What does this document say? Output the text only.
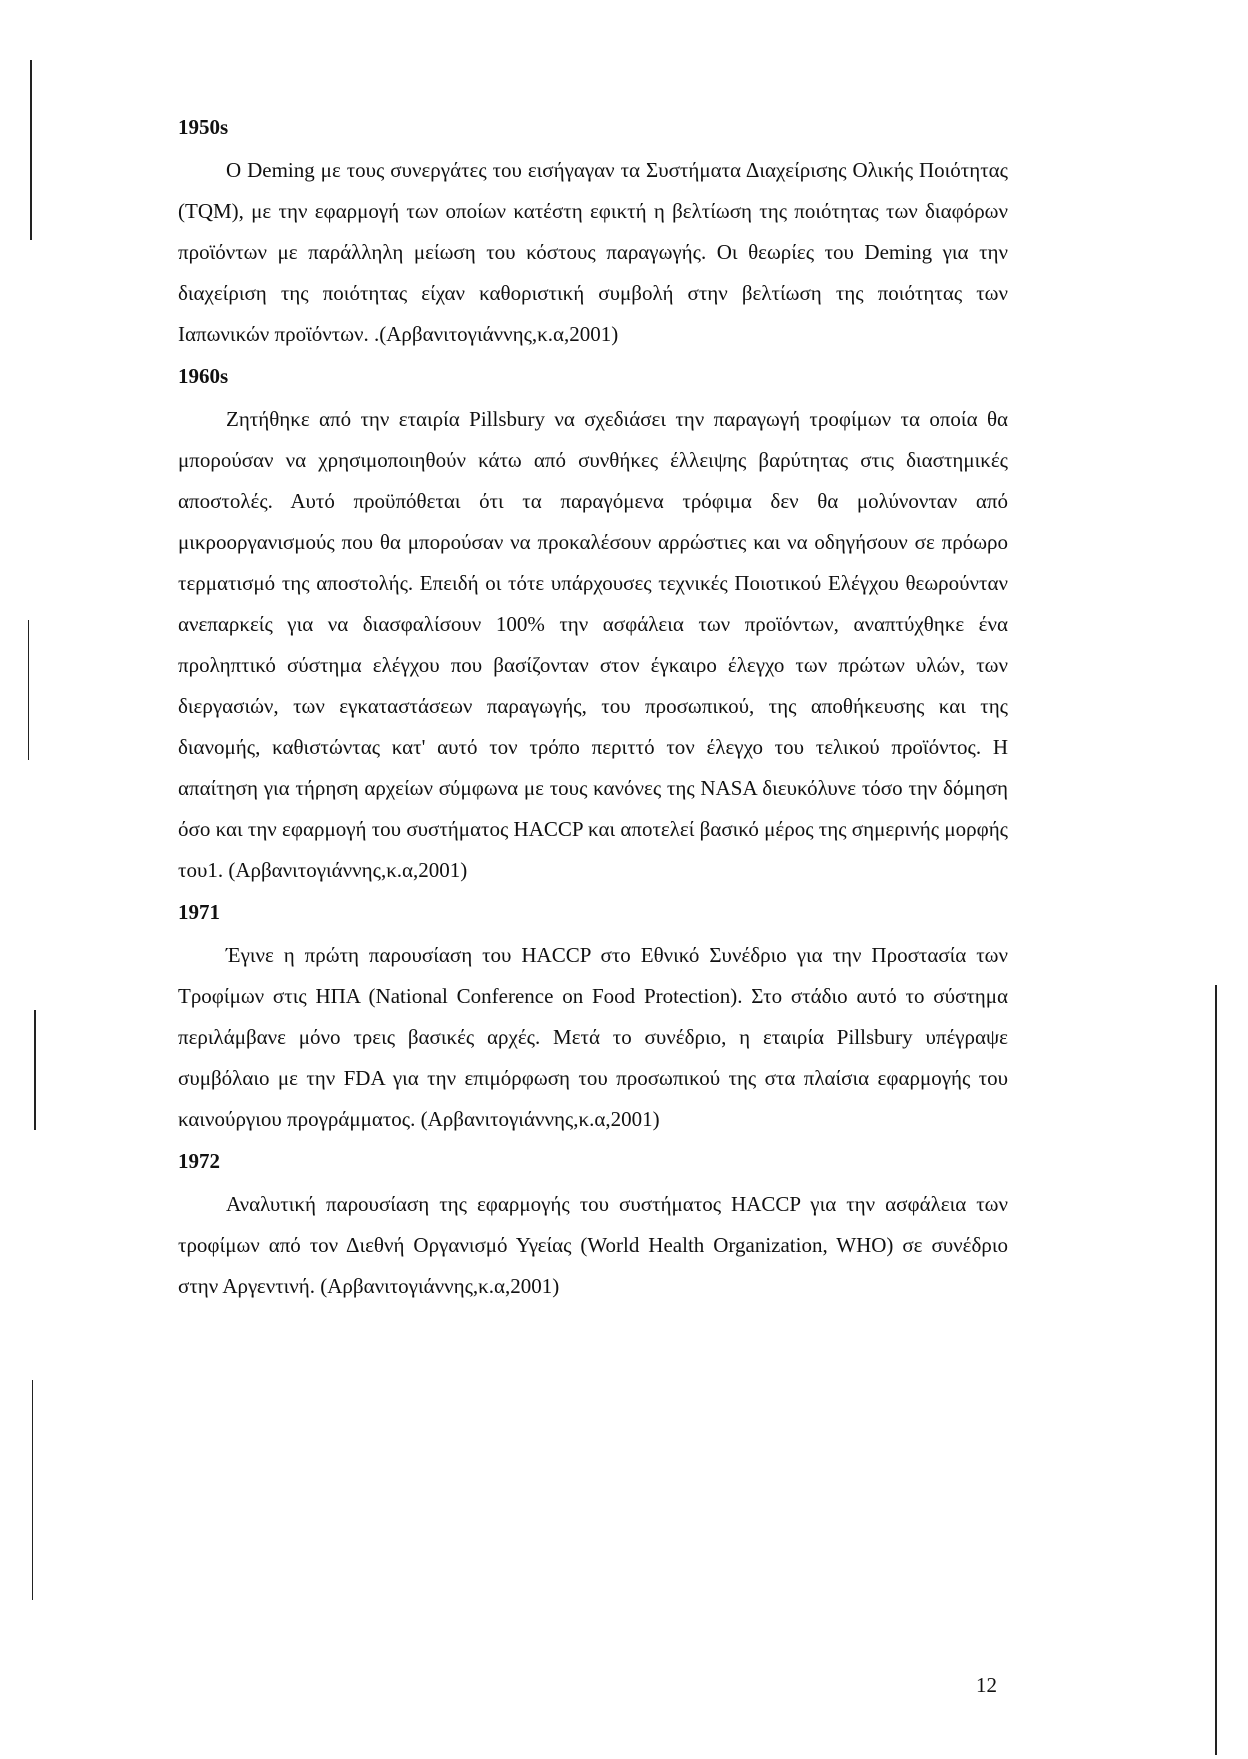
1950s

Ο Deming με τους συνεργάτες του εισήγαγαν τα Συστήματα Διαχείρισης Ολικής Ποιότητας (TQM), με την εφαρμογή των οποίων κατέστη εφικτή η βελτίωση της ποιότητας των διαφόρων προϊόντων με παράλληλη μείωση του κόστους παραγωγής. Οι θεωρίες του Deming για την διαχείριση της ποιότητας είχαν καθοριστική συμβολή στην βελτίωση της ποιότητας των Ιαπωνικών προϊόντων. .(Αρβανιτογιάννης,κ.α,2001)

1960s

Ζητήθηκε από την εταιρία Pillsbury να σχεδιάσει την παραγωγή τροφίμων τα οποία θα μπορούσαν να χρησιμοποιηθούν κάτω από συνθήκες έλλειψης βαρύτητας στις διαστημικές αποστολές. Αυτό προϋπόθεται ότι τα παραγόμενα τρόφιμα δεν θα μολύνονταν από μικροοργανισμούς που θα μπορούσαν να προκαλέσουν αρρώστιες και να οδηγήσουν σε πρόωρο τερματισμό της αποστολής. Επειδή οι τότε υπάρχουσες τεχνικές Ποιοτικού Ελέγχου θεωρούνταν ανεπαρκείς για να διασφαλίσουν 100% την ασφάλεια των προϊόντων, αναπτύχθηκε ένα προληπτικό σύστημα ελέγχου που βασίζονταν στον έγκαιρο έλεγχο των πρώτων υλών, των διεργασιών, των εγκαταστάσεων παραγωγής, του προσωπικού, της αποθήκευσης και της διανομής, καθιστώντας κατ' αυτό τον τρόπο περιττό τον έλεγχο του τελικού προϊόντος. Η απαίτηση για τήρηση αρχείων σύμφωνα με τους κανόνες της NASA διευκόλυνε τόσο την δόμηση όσο και την εφαρμογή του συστήματος HACCP και αποτελεί βασικό μέρος της σημερινής μορφής του1. (Αρβανιτογιάννης,κ.α,2001)

1971

Έγινε η πρώτη παρουσίαση του HACCP στο Εθνικό Συνέδριο για την Προστασία των Τροφίμων στις ΗΠΑ (National Conference on Food Protection). Στο στάδιο αυτό το σύστημα περιλάμβανε μόνο τρεις βασικές αρχές. Μετά το συνέδριο, η εταιρία Pillsbury υπέγραψε συμβόλαιο με την FDA για την επιμόρφωση του προσωπικού της στα πλαίσια εφαρμογής του καινούργιου προγράμματος. (Αρβανιτογιάννης,κ.α,2001)

1972

Αναλυτική παρουσίαση της εφαρμογής του συστήματος HACCP για την ασφάλεια των τροφίμων από τον Διεθνή Οργανισμό Υγείας (World Health Organization, WHO) σε συνέδριο στην Αργεντινή. (Αρβανιτογιάννης,κ.α,2001)

12
